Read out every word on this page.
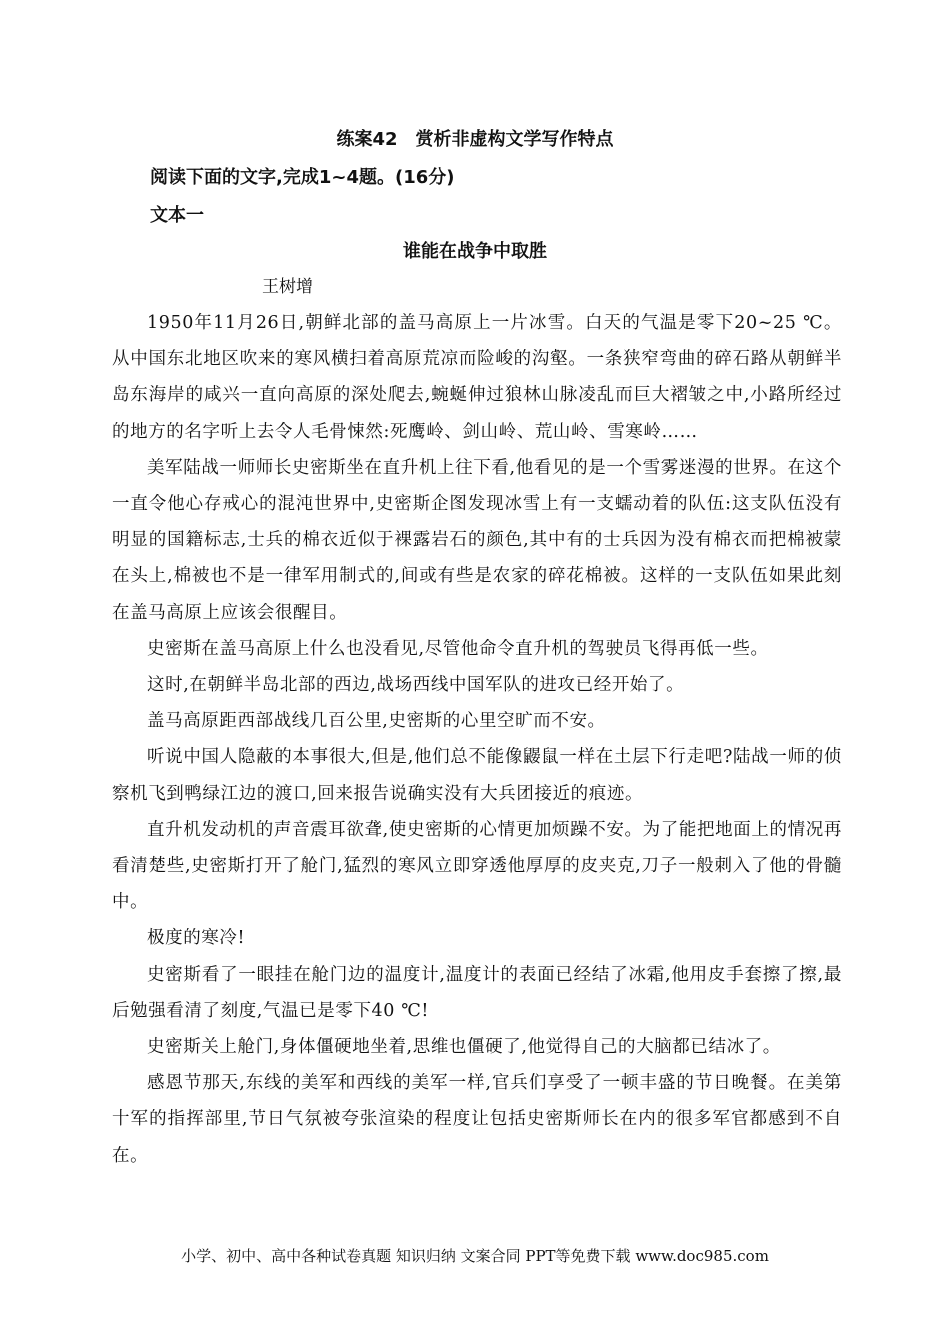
练案42　赏析非虚构文学写作特点
阅读下面的文字,完成1~4题。(16分)
文本一
谁能在战争中取胜
王树增

1950年11月26日,朝鲜北部的盖马高原上一片冰雪。白天的气温是零下20~25 ℃。从中国东北地区吹来的寒风横扫着高原荒凉而险峻的沟壑。一条狭窄弯曲的碎石路从朝鲜半岛东海岸的咸兴一直向高原的深处爬去,蜿蜒伸过狼林山脉凌乱而巨大褶皱之中,小路所经过的地方的名字听上去令人毛骨悚然:死鹰岭、剑山岭、荒山岭、雪寒岭……

美军陆战一师师长史密斯坐在直升机上往下看,他看见的是一个雪雾迷漫的世界。在这个一直令他心存戒心的混沌世界中,史密斯企图发现冰雪上有一支蠕动着的队伍:这支队伍没有明显的国籍标志,士兵的棉衣近似于裸露岩石的颜色,其中有的士兵因为没有棉衣而把棉被蒙在头上,棉被也不是一律军用制式的,间或有些是农家的碎花棉被。这样的一支队伍如果此刻在盖马高原上应该会很醒目。

史密斯在盖马高原上什么也没看见,尽管他命令直升机的驾驶员飞得再低一些。

这时,在朝鲜半岛北部的西边,战场西线中国军队的进攻已经开始了。

盖马高原距西部战线几百公里,史密斯的心里空旷而不安。

听说中国人隐蔽的本事很大,但是,他们总不能像鼹鼠一样在土层下行走吧?陆战一师的侦察机飞到鸭绿江边的渡口,回来报告说确实没有大兵团接近的痕迹。

直升机发动机的声音震耳欲聋,使史密斯的心情更加烦躁不安。为了能把地面上的情况再看清楚些,史密斯打开了舱门,猛烈的寒风立即穿透他厚厚的皮夹克,刀子一般刺入了他的骨髓中。

极度的寒冷!

史密斯看了一眼挂在舱门边的温度计,温度计的表面已经结了冰霜,他用皮手套擦了擦,最后勉强看清了刻度,气温已是零下40 ℃!

史密斯关上舱门,身体僵硬地坐着,思维也僵硬了,他觉得自己的大脑都已结冰了。

感恩节那天,东线的美军和西线的美军一样,官兵们享受了一顿丰盛的节日晚餐。在美第十军的指挥部里,节日气氛被夸张渲染的程度让包括史密斯师长在内的很多军官都感到不自在。

小学、初中、高中各种试卷真题 知识归纳 文案合同 PPT等免费下载 www.doc985.com
